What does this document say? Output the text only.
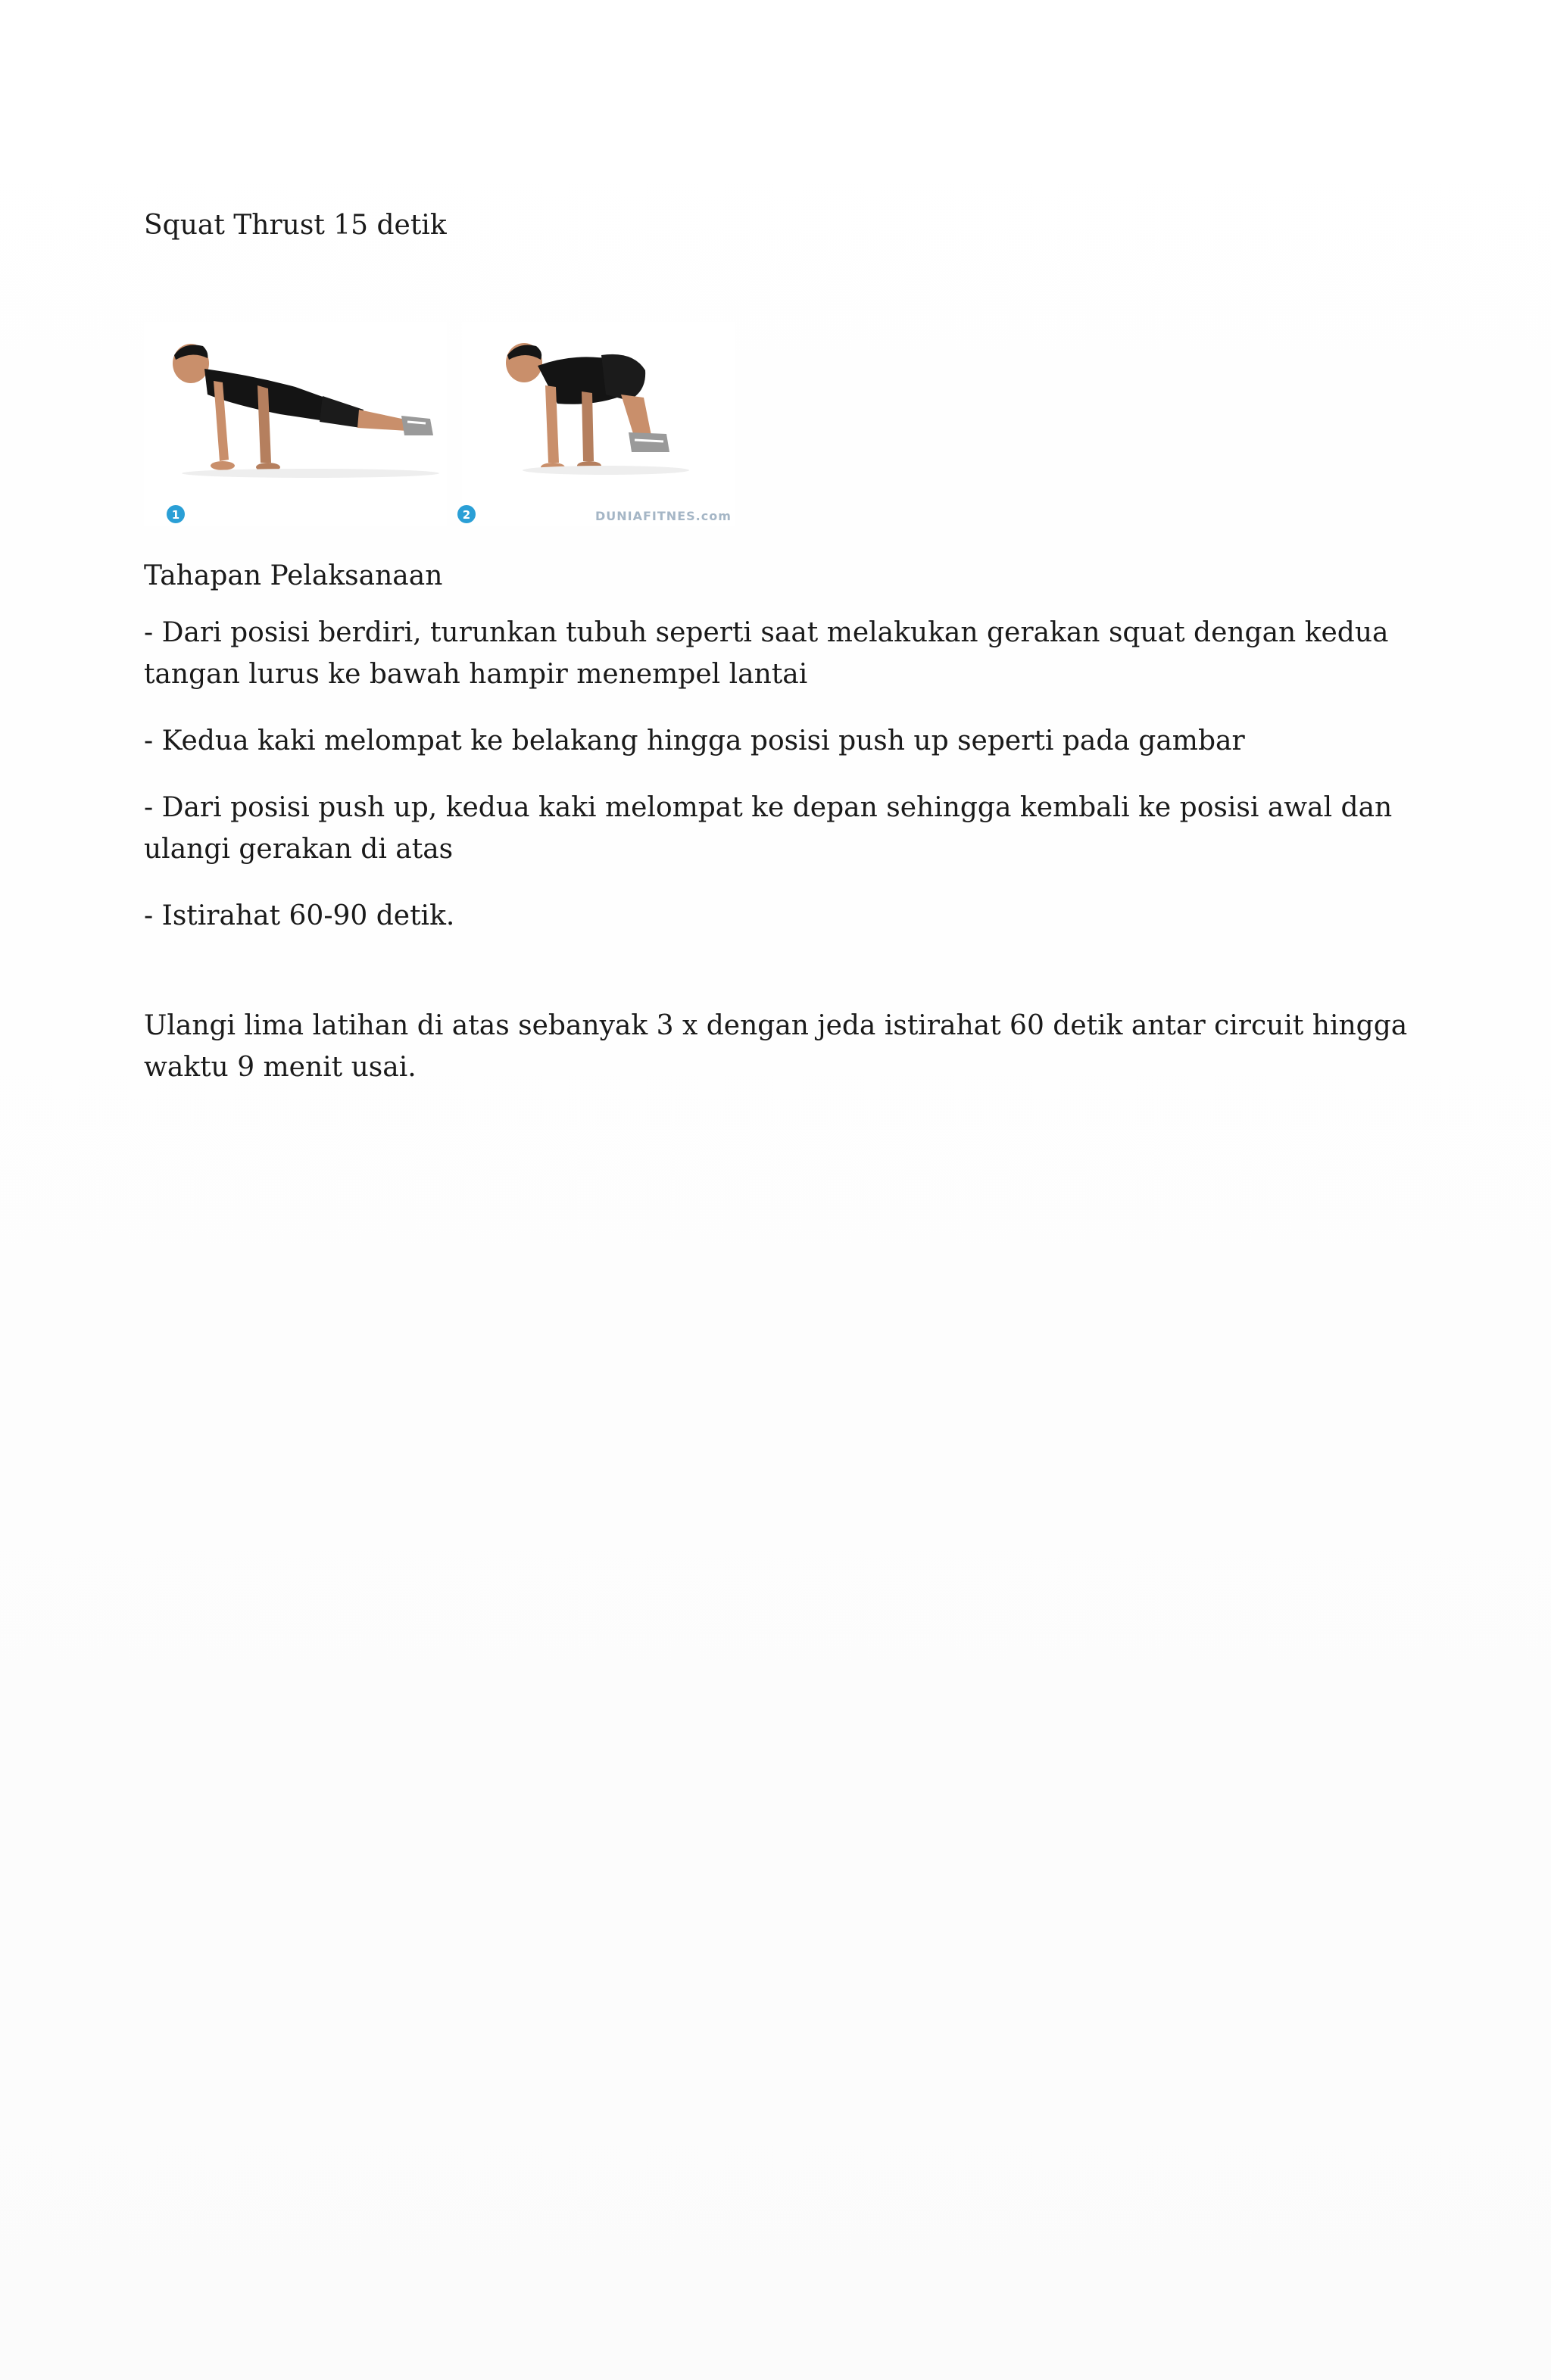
Squat Thrust 15 detik

1	2	DUNIAFITNES.com

Tahapan Pelaksanaan

- Dari posisi berdiri, turunkan tubuh seperti saat melakukan gerakan squat dengan kedua tangan lurus ke bawah hampir menempel lantai

- Kedua kaki melompat ke belakang hingga posisi push up seperti pada gambar

- Dari posisi push up, kedua kaki melompat ke depan sehingga kembali ke posisi awal dan ulangi gerakan di atas

- Istirahat 60-90 detik.

Ulangi lima latihan di atas sebanyak 3 x dengan jeda istirahat 60 detik antar circuit hingga waktu 9 menit usai.
